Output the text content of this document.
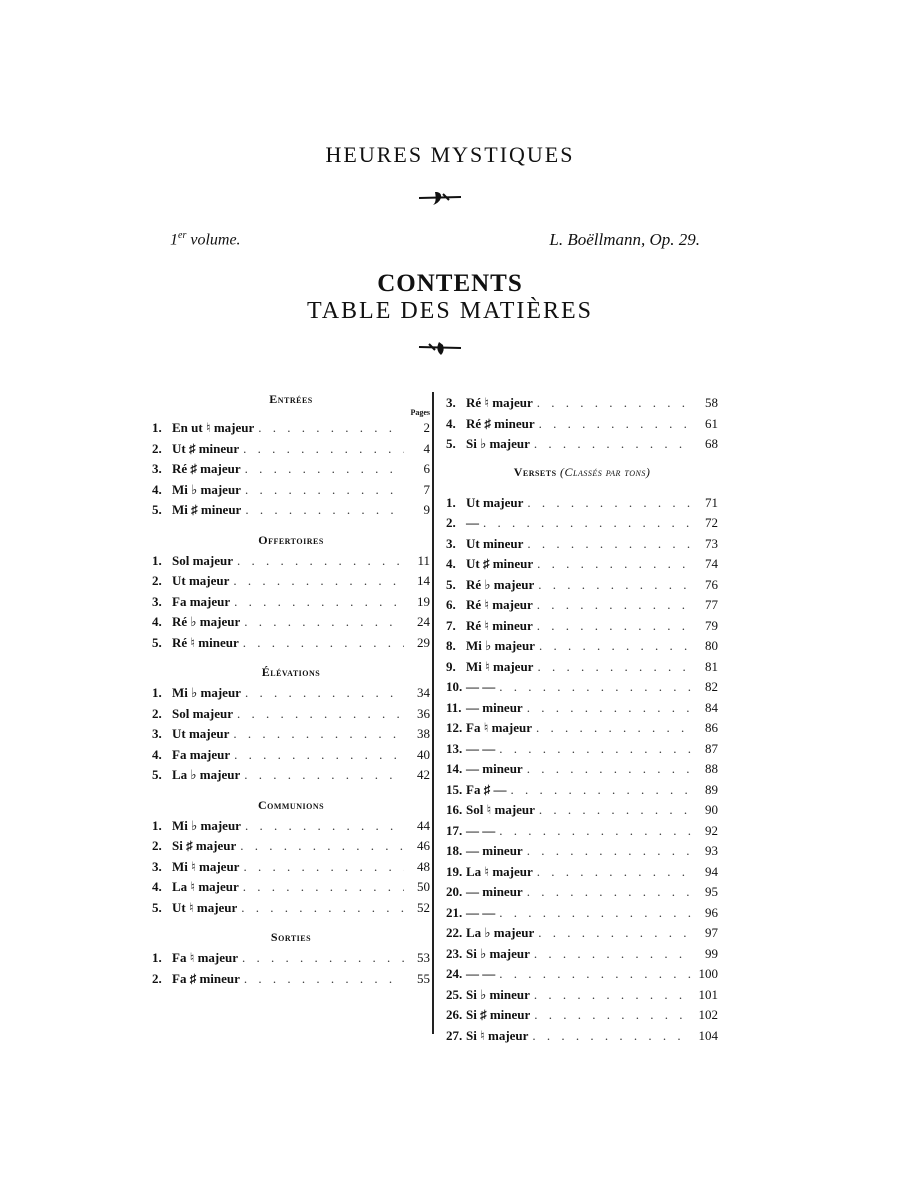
HEURES MYSTIQUES
1er volume.	L. Boëllmann, Op. 29.
CONTENTS
TABLE DES MATIÈRES
Entrées
Pages
1. En ut ♮ majeur . . .	2
2. Ut ♯ mineur . . .	4
3. Ré ♯ majeur . . .	6
4. Mi ♭ majeur . . .	7
5. Mi ♯ mineur . . .	9
Offertoires
1. Sol majeur . . .	11
2. Ut majeur . . .	14
3. Fa majeur . . .	19
4. Ré ♭ majeur . . .	24
5. Ré ♮ mineur . . .	29
Élévations
1. Mi ♭ majeur . . .	34
2. Sol majeur . . .	36
3. Ut majeur . . .	38
4. Fa majeur . . .	40
5. La ♭ majeur . . .	42
Communions
1. Mi ♭ majeur . . .	44
2. Si ♯ majeur . . .	46
3. Mi ♮ majeur . . .	48
4. La ♮ majeur . . .	50
5. Ut ♮ majeur . . .	52
Sorties
1. Fa ♮ majeur . . .	53
2. Fa ♯ mineur . . .	55
3. Ré ♮ majeur . . .	58
4. Ré ♯ mineur . . .	61
5. Si ♭ majeur . . .	68
Versets (Classés par tons)
1. Ut majeur . . .	71
2. — . . .	72
3. Ut mineur . . .	73
4. Ut ♯ mineur . . .	74
5. Ré ♭ majeur . . .	76
6. Ré ♮ majeur . . .	77
7. Ré ♮ mineur . . .	79
8. Mi ♭ majeur . . .	80
9. Mi ♮ majeur . . .	81
10. — — . . .	82
11. — mineur . . .	84
12. Fa ♮ majeur . . .	86
13. — — . . .	87
14. — mineur . . .	88
15. Fa ♯ — . . .	89
16. Sol ♮ majeur . . .	90
17. — — . . .	92
18. — mineur . . .	93
19. La ♮ majeur . . .	94
20. — mineur . . .	95
21. — — . . .	96
22. La ♭ majeur . . .	97
23. Si ♭ majeur . . .	99
24. — — . . .	100
25. Si ♭ mineur . . .	101
26. Si ♯ mineur . . .	102
27. Si ♮ majeur . . .	104
